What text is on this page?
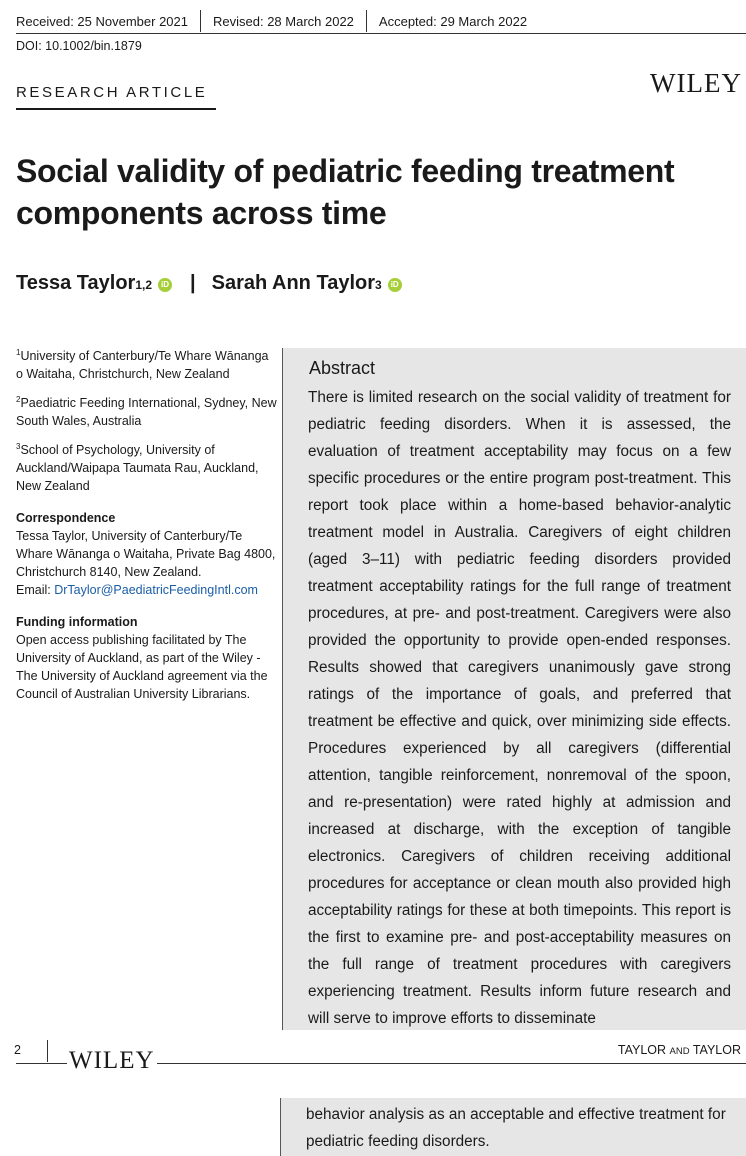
Received: 25 November 2021 Revised: 28 March 2022 Accepted: 29 March 2022
DOI: 10.1002/bin.1879
RESEARCH ARTICLE	WILEY
Social validity of pediatric feeding treatment components across time
Tessa Taylor 1,2	iD | Sarah Ann Taylor 3	iD

$^1$University of Canterbury/Te Whare Wānanga o Waitaha, Christchurch, New Zealand

$^2$Paediatric Feeding International, Sydney, New South Wales, Australia

$^3$School of Psychology, University of Auckland/Waipapa Taumata Rau, Auckland, New Zealand

Correspondence

Tessa Taylor, University of Canterbury/Te Whare Wānanga o Waitaha, Private Bag 4800, Christchurch 8140, New Zealand.
Email: DrTaylor@PaediatricFeedingIntl.com

Funding information

Open access publishing facilitated by The University of Auckland, as part of the Wiley - The University of Auckland agreement via the Council of Australian University Librarians.

Abstract
There is limited research on the social validity of treatment for pediatric feeding disorders. When it is assessed, the evaluation of treatment acceptability may focus on a few specific procedures or the entire program post-treatment. This report took place within a home-based behavior-analytic treatment model in Australia. Caregivers of eight children (aged 3–11) with pediatric feeding disorders provided treatment acceptability ratings for the full range of treatment procedures, at pre- and post-treatment. Caregivers were also provided the opportunity to provide open-ended responses. Results showed that caregivers unanimously gave strong ratings of the importance of goals, and preferred that treatment be effective and quick, over minimizing side effects. Procedures experienced by all caregivers (differential attention, tangible reinforcement, nonremoval of the spoon, and re-presentation) were rated highly at admission and increased at discharge, with the exception of tangible electronics. Caregivers of children receiving additional procedures for acceptance or clean mouth also provided high acceptability ratings for these at both timepoints. This report is the first to examine pre- and post-acceptability measures on the full range of treatment procedures with caregivers experiencing treatment. Results inform future research and will serve to improve efforts to disseminate
2 WILEY	TAYLOR AND TAYLOR
behavior analysis as an acceptable and effective treatment for pediatric feeding disorders.
